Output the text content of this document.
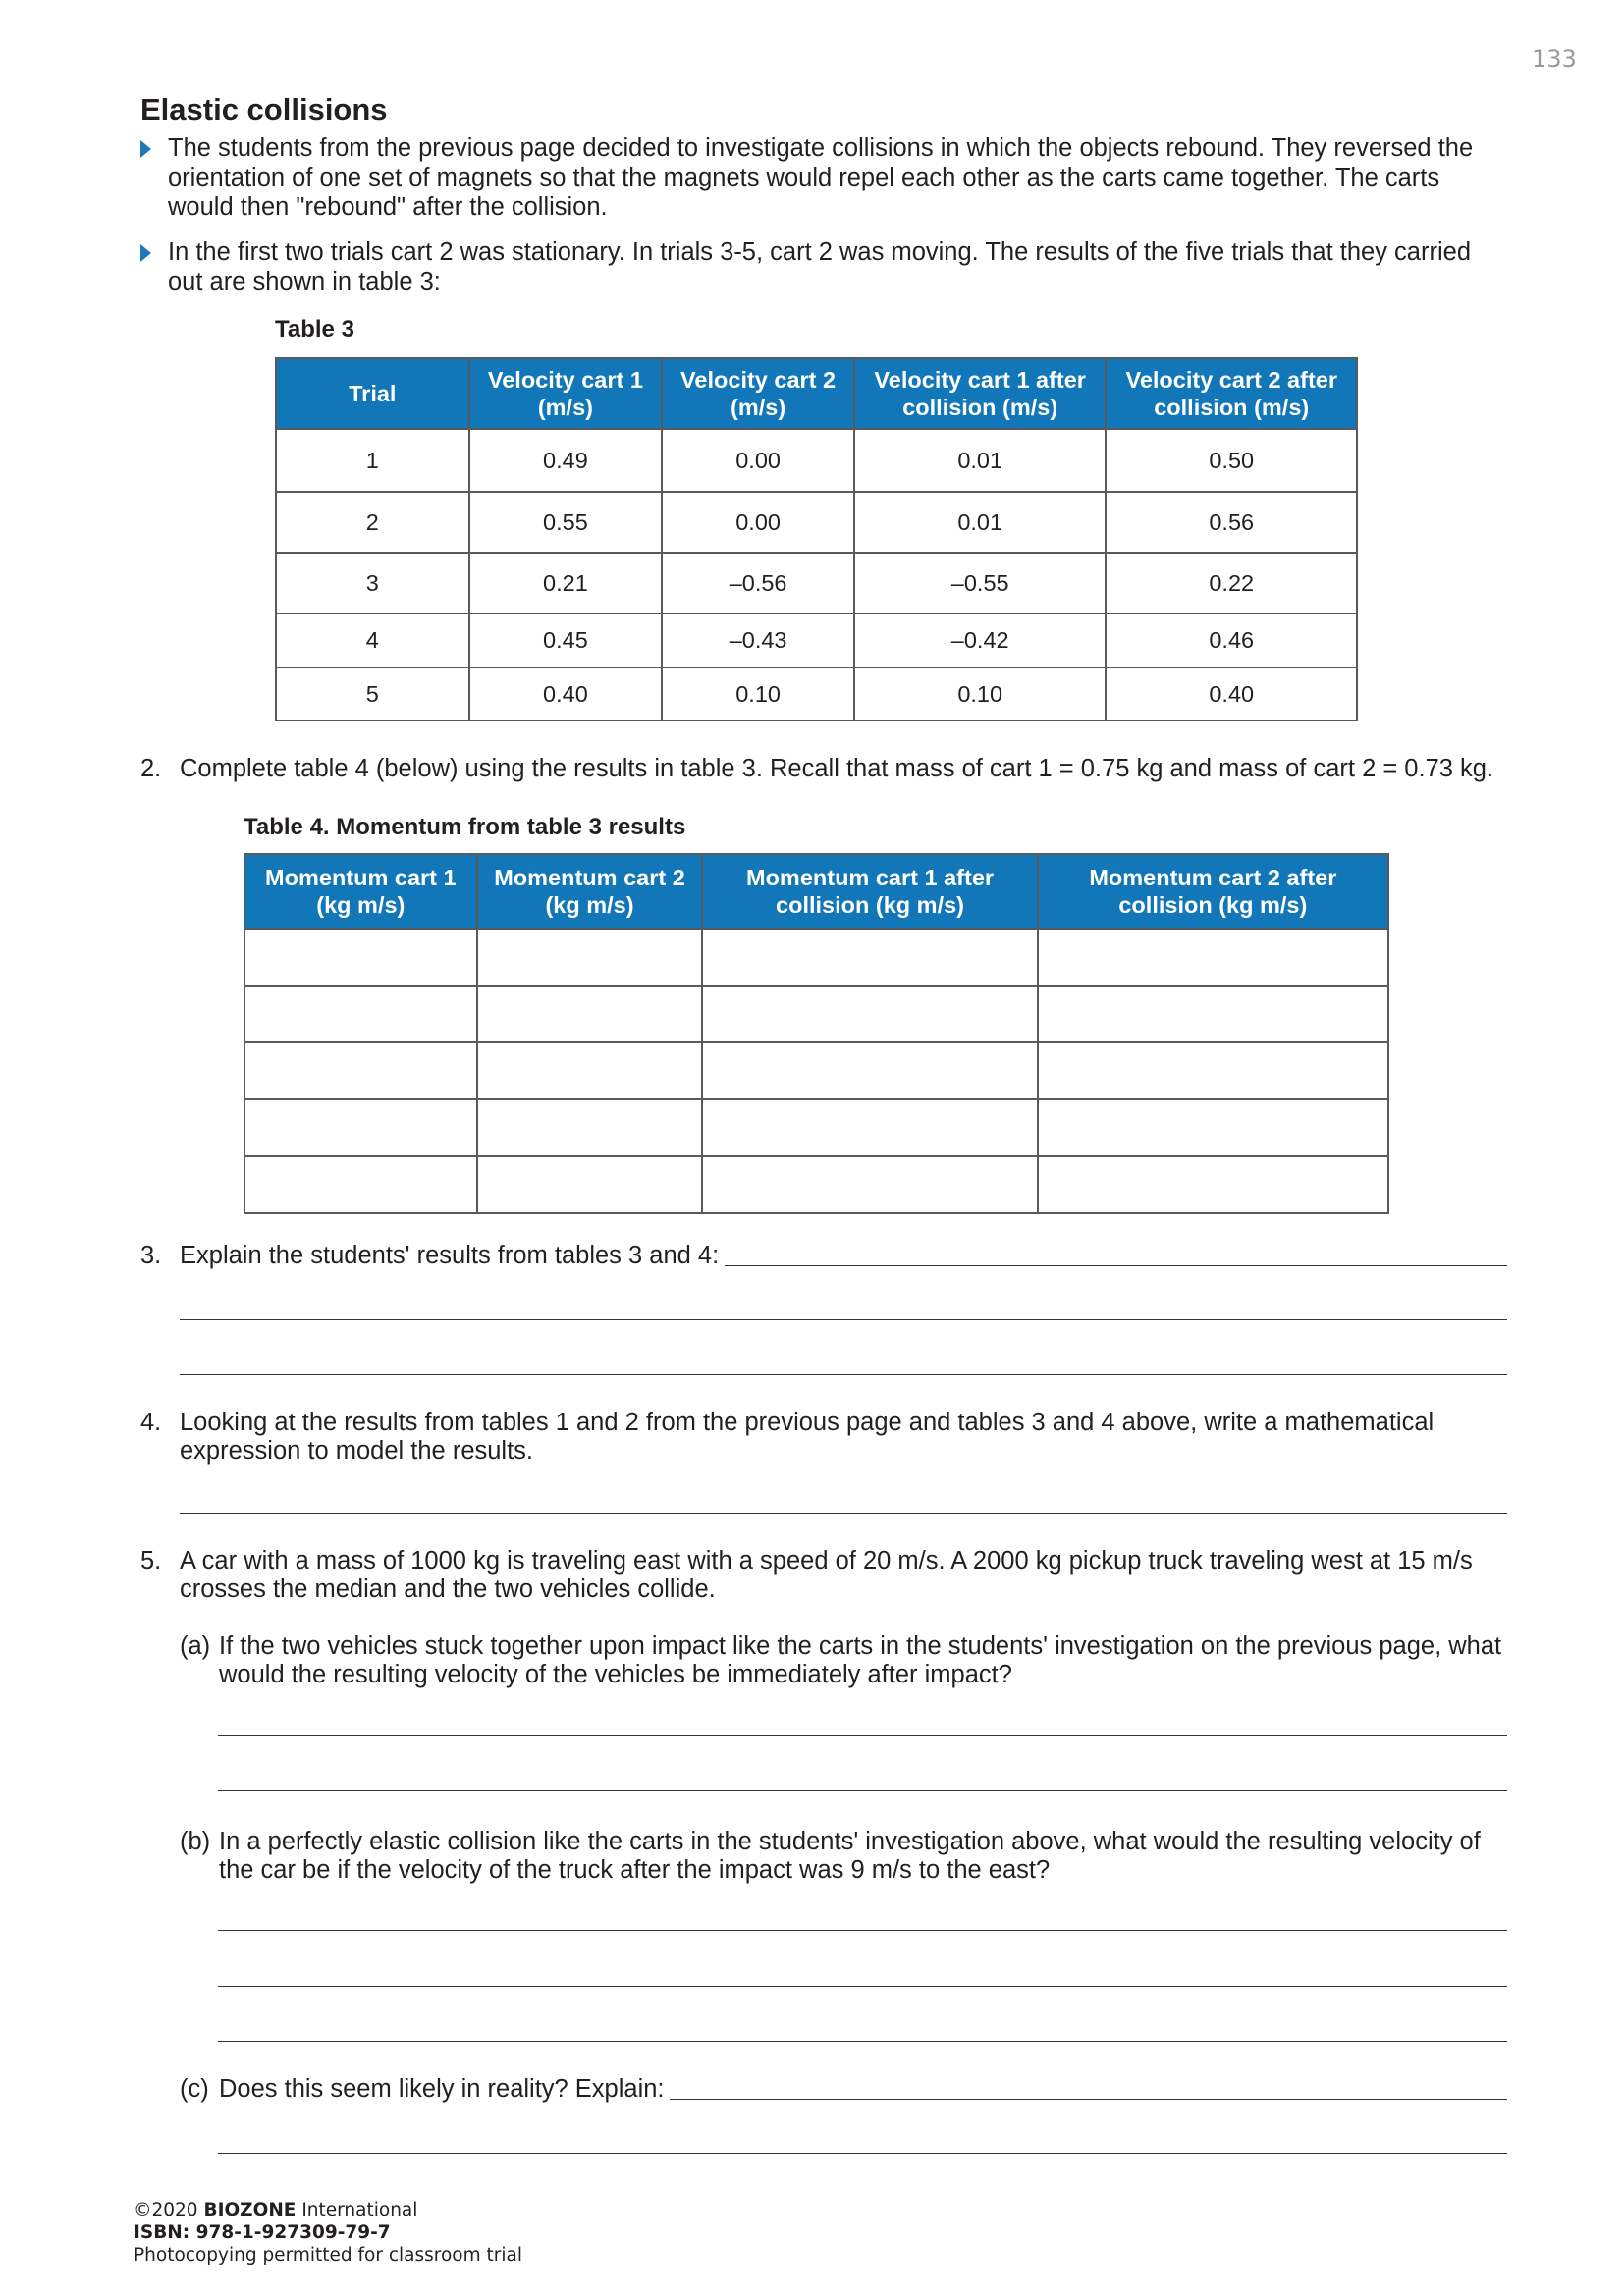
133
Elastic collisions
The students from the previous page decided to investigate collisions in which the objects rebound. They reversed the orientation of one set of magnets so that the magnets would repel each other as the carts came together. The carts would then "rebound" after the collision.
In the first two trials cart 2 was stationary. In trials 3-5, cart 2 was moving. The results of the five trials that they carried out are shown in table 3:
Table 3
Trial	Velocity cart 1 (m/s)	Velocity cart 2 (m/s)	Velocity cart 1 after collision (m/s)	Velocity cart 2 after collision (m/s)
1	0.49	0.00	0.01	0.50
2	0.55	0.00	0.01	0.56
3	0.21	–0.56	–0.55	0.22
4	0.45	–0.43	–0.42	0.46
5	0.40	0.10	0.10	0.40
2. Complete table 4 (below) using the results in table 3. Recall that mass of cart 1 = 0.75 kg and mass of cart 2 = 0.73 kg.
Table 4. Momentum from table 3 results
Momentum cart 1 (kg m/s)	Momentum cart 2 (kg m/s)	Momentum cart 1 after collision (kg m/s)	Momentum cart 2 after collision (kg m/s)

3. Explain the students' results from tables 3 and 4:
4. Looking at the results from tables 1 and 2 from the previous page and tables 3 and 4 above, write a mathematical expression to model the results.
5. A car with a mass of 1000 kg is traveling east with a speed of 20 m/s. A 2000 kg pickup truck traveling west at 15 m/s crosses the median and the two vehicles collide.
(a) If the two vehicles stuck together upon impact like the carts in the students' investigation on the previous page, what would the resulting velocity of the vehicles be immediately after impact?
(b) In a perfectly elastic collision like the carts in the students' investigation above, what would the resulting velocity of the car be if the velocity of the truck after the impact was 9 m/s to the east?
(c) Does this seem likely in reality? Explain:
©2020 BIOZONE International
ISBN: 978-1-927309-79-7
Photocopying permitted for classroom trial
